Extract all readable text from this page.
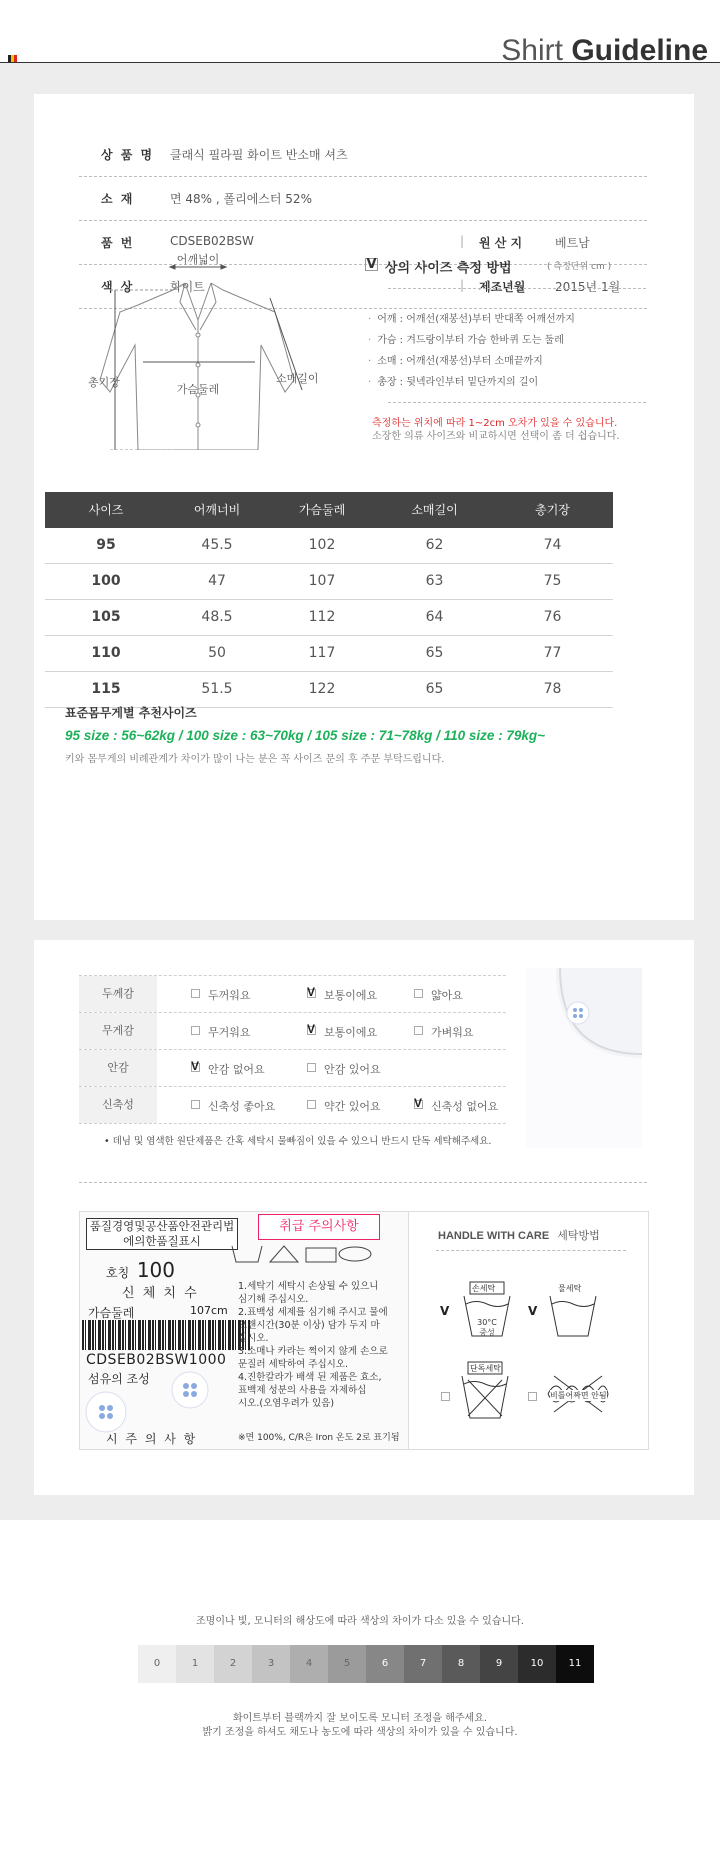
Shirt Guideline
상 품 명	클래식 필라필 화이트 반소매 셔츠
소 재	면 48% , 폴리에스터 52%
품 번	CDSEB02BSW	| 원 산 지	베트남
색 상	화이트	| 제조년월 2015년 1월
어깨넓이
총기장
가슴둘레
소매길이
V 상의 사이즈 측정 방법	( 측정단위 cm )
· 어깨 : 어깨선(재봉선)부터 반대쪽 어깨선까지
· 가슴 : 겨드랑이부터 가슴 한바퀴 도는 둘레
· 소매 : 어깨선(재봉선)부터 소매끝까지
· 총장 : 뒷넥라인부터 밑단까지의 길이
측정하는 위치에 따라 1~2cm 오차가 있을 수 있습니다.
소장한 의류 사이즈와 비교하시면 선택이 좀 더 쉽습니다.
사이즈	어깨너비	가슴둘레	소매길이	총기장
95	45.5	102	62	74
100	47	107	63	75
105	48.5	112	64	76
110	50	117	65	77
115	51.5	122	65	78
표준몸무게별 추천사이즈
95 size : 56~62kg / 100 size : 63~70kg / 105 size : 71~78kg / 110 size : 79kg~
키와 몸무게의 비례관계가 차이가 많이 나는 분은 꼭 사이즈 문의 후 주문 부탁드립니다.
두께감	두꺼워요 V	보통이에요	얇아요
무게감	무거워요 V	보통이에요	가벼워요
안감 V	안감 없어요	안감 있어요
신축성	신축성 좋아요	약간 있어요 V	신축성 없어요
• 데님 및 염색한 원단제품은 간혹 세탁시 물빠짐이 있을 수 있으니 반드시 단독 세탁해주세요.
품질경영및공산품안전관리법에의한품질표시
취급 주의사항
호칭 100
신 체 치 수
가슴둘레	107cm
CDSEB02BSW1000
섬유의 조성
시 주 의 사 항
1.세탁기 세탁시 손상될 수 있으니
심기해 주십시오.
2.표백성 세제를 심기해 주시고 물에
오랜시간(30분 이상) 담가 두지 마
십시오.
3.소매나 카라는 쩍이지 않게 손으로
문질러 세탁하여 주십시오.
4.진한칼라가 배색 된 제품은 효소,
표백제 성분의 사용을 자제하십
시오.(오염우려가 있음)
※면 100%, C/R은 Iron 온도 2로 표기됨
HANDLE WITH CARE 세탁방법
V
손세탁
30°C 중성
V
물세탁
단독세탁
비틀어짜면 안됨
조명이나 빛, 모니터의 해상도에 따라 색상의 차이가 다소 있을 수 있습니다.
0	1	2	3	4	5	6	7	8	9	10	11
화이트부터 블랙까지 잘 보이도록 모니터 조정을 해주세요.
밝기 조정을 하셔도 채도나 농도에 따라 색상의 차이가 있을 수 있습니다.
